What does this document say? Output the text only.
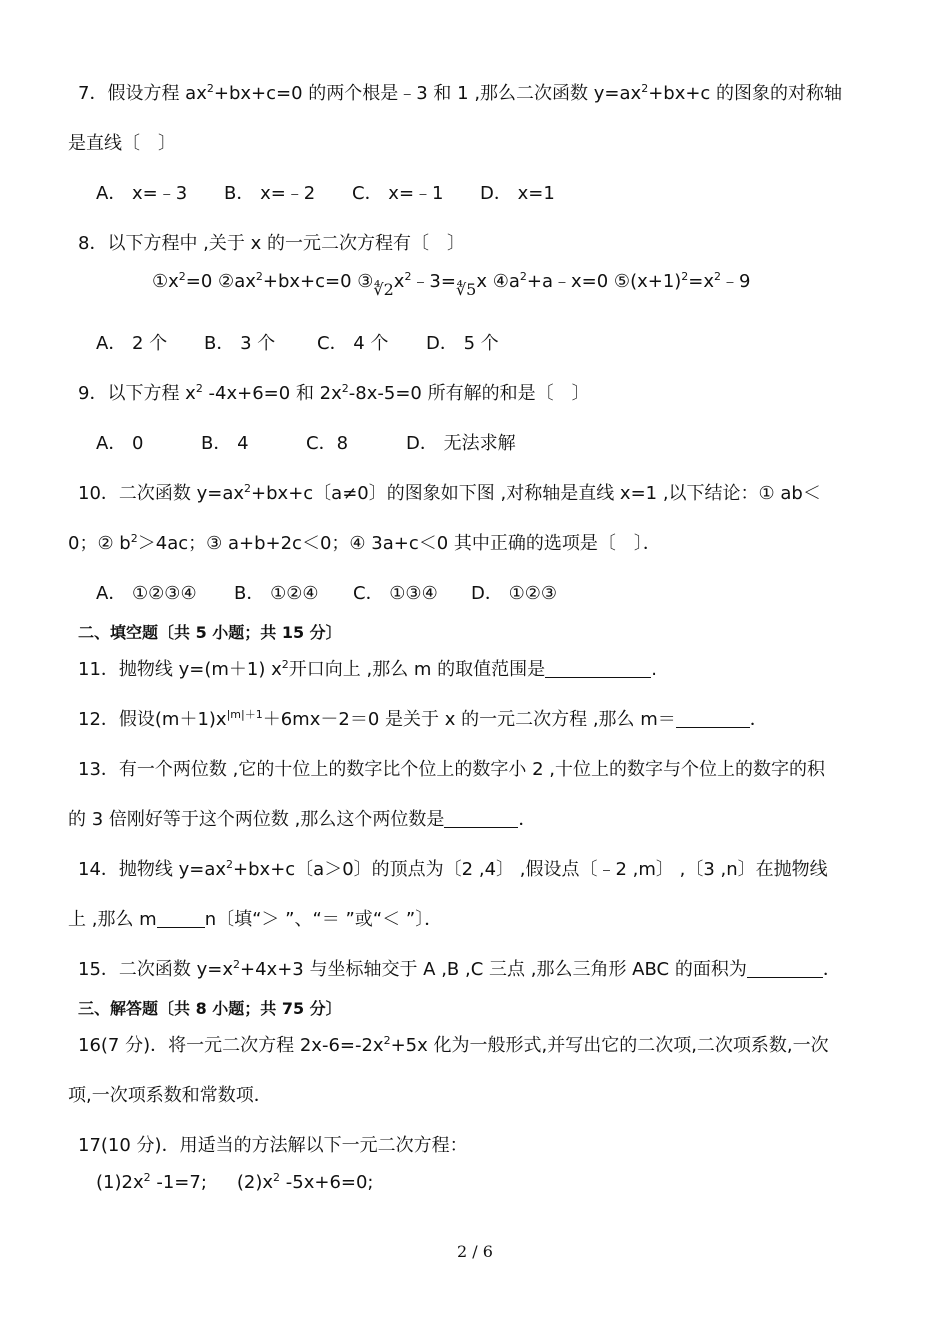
7．假设方程 $ax^2+bx+c=0$ 的两个根是﹣3 和 1 ,那么二次函数 $y=ax^2+bx+c$ 的图象的对称轴
是直线〔　〕
A． x=﹣3 B． x=﹣2 C． x=﹣1 D． x=1
8．以下方程中 ,关于 x 的一元二次方程有〔　〕
$①x^2=0$ $②ax^2+bx+c=0$ $③∜2x^2﹣3=∜5x$ $④a^2+a﹣x=0$ $⑤(x+1)^2=x^2﹣9$
A． 2 个 B． 3 个 C． 4 个 D． 5 个
9．以下方程 $x^2$ -4x+6=0 和 $2x^2-8x-5=0$ 所有解的和是〔　〕
A． 0	B． 4	C．8	D． 无法求解
10．二次函数 $y=ax^2+bx+c$〔a≠0〕的图象如下图 ,对称轴是直线 x=1 ,以下结论：① ab＜
0；② $b^2>4ac$；③ a+b+2c＜0；④ 3a+c＜0 其中正确的选项是〔　〕．
A． ①②③④ B． ①②④ C． ①③④ D． ①②③
二、填空题〔共 5 小题；共 15 分〕
11．抛物线 y=(m＋1) $x^2$开口向上 ,那么 m 的取值范围是	.
12．假设$(m+1)x^{|m|+1}+6mx-2=0$ 是关于 x 的一元二次方程 ,那么 m＝	．
13．有一个两位数 ,它的十位上的数字比个位上的数字小 2 ,十位上的数字与个位上的数字的积
的 3 倍刚好等于这个两位数 ,那么这个两位数是	．
14．抛物线 $y=ax^2+bx+c$〔a＞0〕的顶点为〔2 ,4〕 ,假设点〔﹣2 ,m〕 ,〔3 ,n〕在抛物线
上 ,那么 m	n〔填“＞ ”、“＝ ”或“＜ ”〕．
15．二次函数 $y=x^2+4x+3$ 与坐标轴交于 A ,B ,C 三点 ,那么三角形 ABC 的面积为	．
三、解答题〔共 8 小题；共 75 分〕
16(7 分)．将一元二次方程 $2x-6=-2x^2+5x$ 化为一般形式,并写出它的二次项,二次项系数,一次
项,一次项系数和常数项．
17(10 分)．用适当的方法解以下一元二次方程：
$(1)2x^2$ -1=7; $(2)x^2$ -5x+6=0;
2 / 6
